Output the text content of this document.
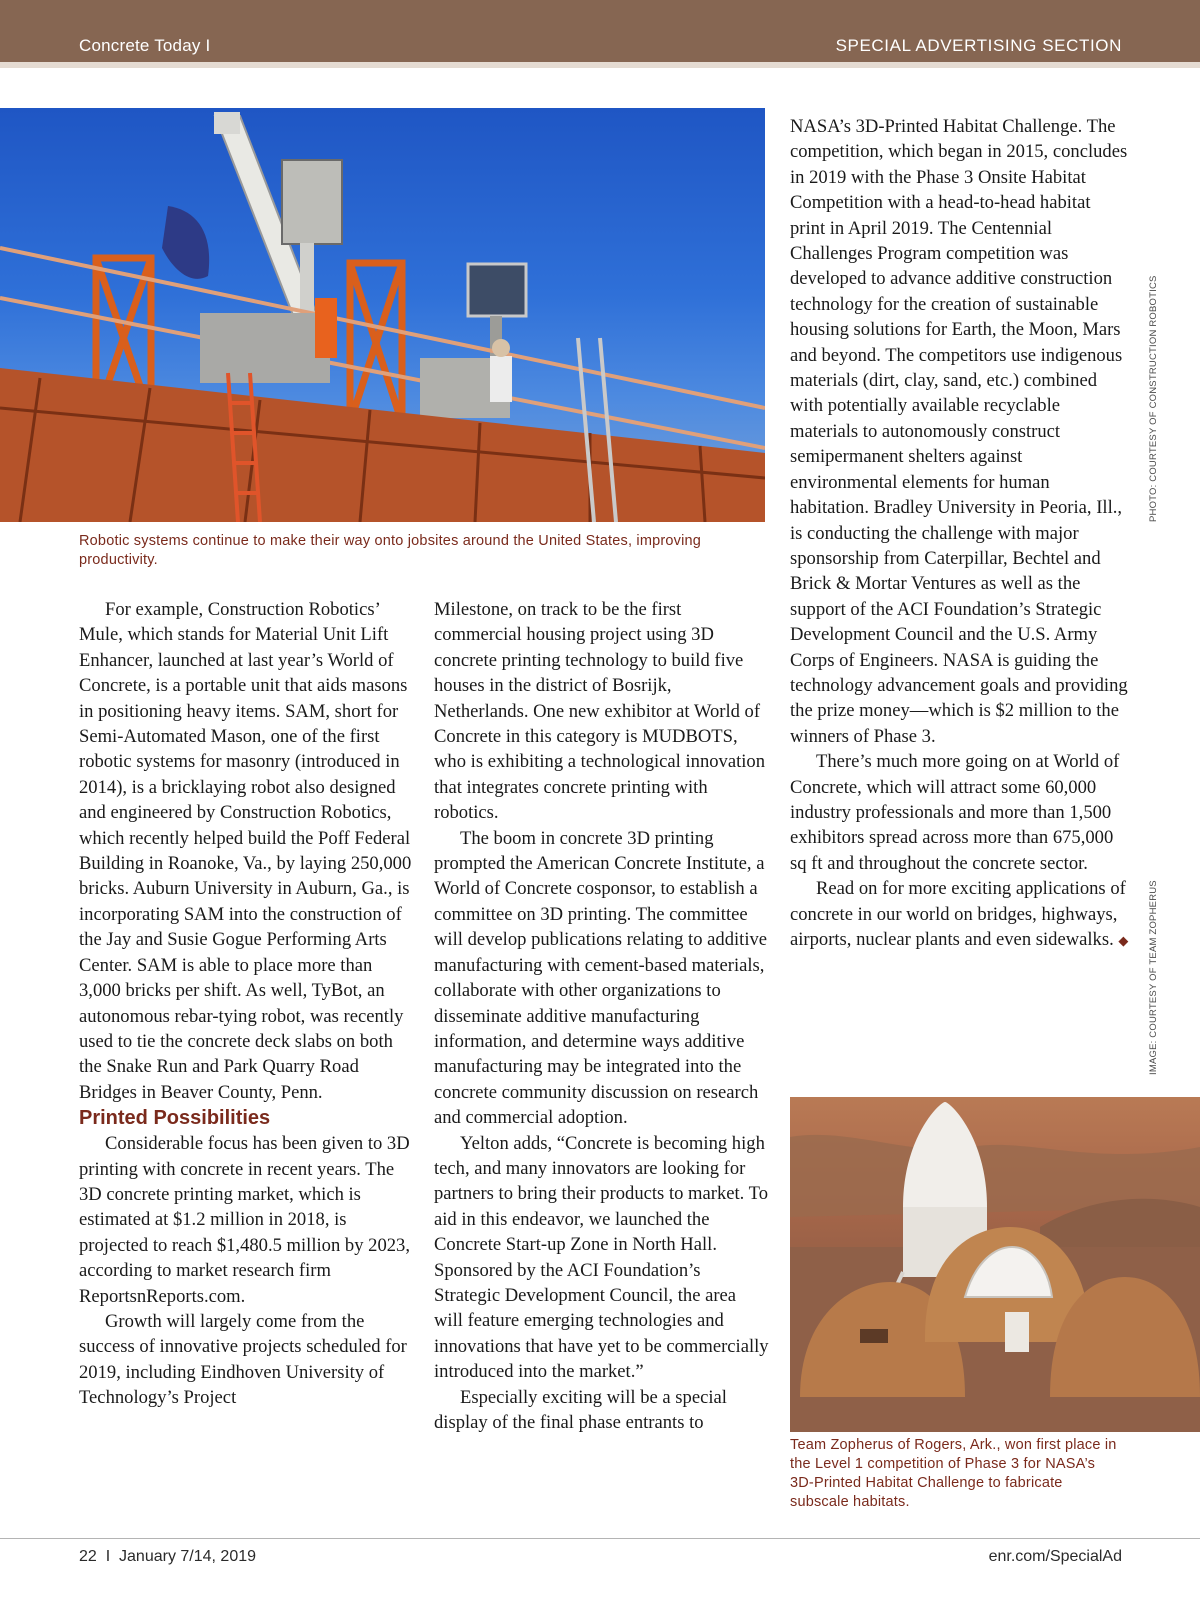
Concrete Today I	SPECIAL ADVERTISING SECTION
Robotic systems continue to make their way onto jobsites around the United States, improving productivity.

For example, Construction Robotics’ Mule, which stands for Material Unit Lift Enhancer, launched at last year’s World of Concrete, is a portable unit that aids masons in positioning heavy items. SAM, short for Semi-Automated Mason, one of the first robotic systems for masonry (introduced in 2014), is a bricklaying robot also designed and engineered by Construction Robotics, which recently helped build the Poff Federal Building in Roanoke, Va., by laying 250,000 bricks. Auburn University in Auburn, Ga., is incorporating SAM into the construction of the Jay and Susie Gogue Performing Arts Center. SAM is able to place more than 3,000 bricks per shift. As well, TyBot, an autonomous rebar-tying robot, was recently used to tie the concrete deck slabs on both the Snake Run and Park Quarry Road Bridges in Beaver County, Penn.

Printed Possibilities

Considerable focus has been given to 3D printing with concrete in recent years. The 3D concrete printing market, which is estimated at $1.2 million in 2018, is projected to reach $1,480.5 million by 2023, according to market research firm ReportsnReports.com.

Growth will largely come from the success of innovative projects scheduled for 2019, including Eindhoven University of Technology’s Project

Milestone, on track to be the first commercial housing project using 3D concrete printing technology to build five houses in the district of Bosrijk, Netherlands. One new exhibitor at World of Concrete in this category is MUDBOTS, who is exhibiting a technological innovation that integrates concrete printing with robotics.

The boom in concrete 3D printing prompted the American Concrete Institute, a World of Concrete cosponsor, to establish a committee on 3D printing. The committee will develop publications relating to additive manufacturing with cement-based materials, collaborate with other organizations to disseminate additive manufacturing information, and determine ways additive manufacturing may be integrated into the concrete community discussion on research and commercial adoption.

Yelton adds, “Concrete is becoming high tech, and many innovators are looking for partners to bring their products to market. To aid in this endeavor, we launched the Concrete Start-up Zone in North Hall. Sponsored by the ACI Foundation’s Strategic Development Council, the area will feature emerging technologies and innovations that have yet to be commercially introduced into the market.”

Especially exciting will be a special display of the final phase entrants to

NASA’s 3D-Printed Habitat Challenge. The competition, which began in 2015, concludes in 2019 with the Phase 3 Onsite Habitat Competition with a head-to-head habitat print in April 2019. The Centennial Challenges Program competition was developed to advance additive construction technology for the creation of sustainable housing solutions for Earth, the Moon, Mars and beyond. The competitors use indigenous materials (dirt, clay, sand, etc.) combined with potentially available recyclable materials to autonomously construct semipermanent shelters against environmental elements for human habitation. Bradley University in Peoria, Ill., is conducting the challenge with major sponsorship from Caterpillar, Bechtel and Brick & Mortar Ventures as well as the support of the ACI Foundation’s Strategic Development Council and the U.S. Army Corps of Engineers. NASA is guiding the technology advancement goals and providing the prize money—which is $2 million to the winners of Phase 3.

There’s much more going on at World of Concrete, which will attract some 60,000 industry professionals and more than 1,500 exhibitors spread across more than 675,000 sq ft and throughout the concrete sector.

Read on for more exciting applications of concrete in our world on bridges, highways, airports, nuclear plants and even sidewalks. ◆

PHOTO: COURTESY OF CONSTRUCTION ROBOTICS
IMAGE: COURTESY OF TEAM ZOPHERUS
Team Zopherus of Rogers, Ark., won first place in the Level 1 competition of Phase 3 for NASA’s 3D-Printed Habitat Challenge to fabricate subscale habitats.
22  I  January 7/14, 2019	enr.com/SpecialAd
